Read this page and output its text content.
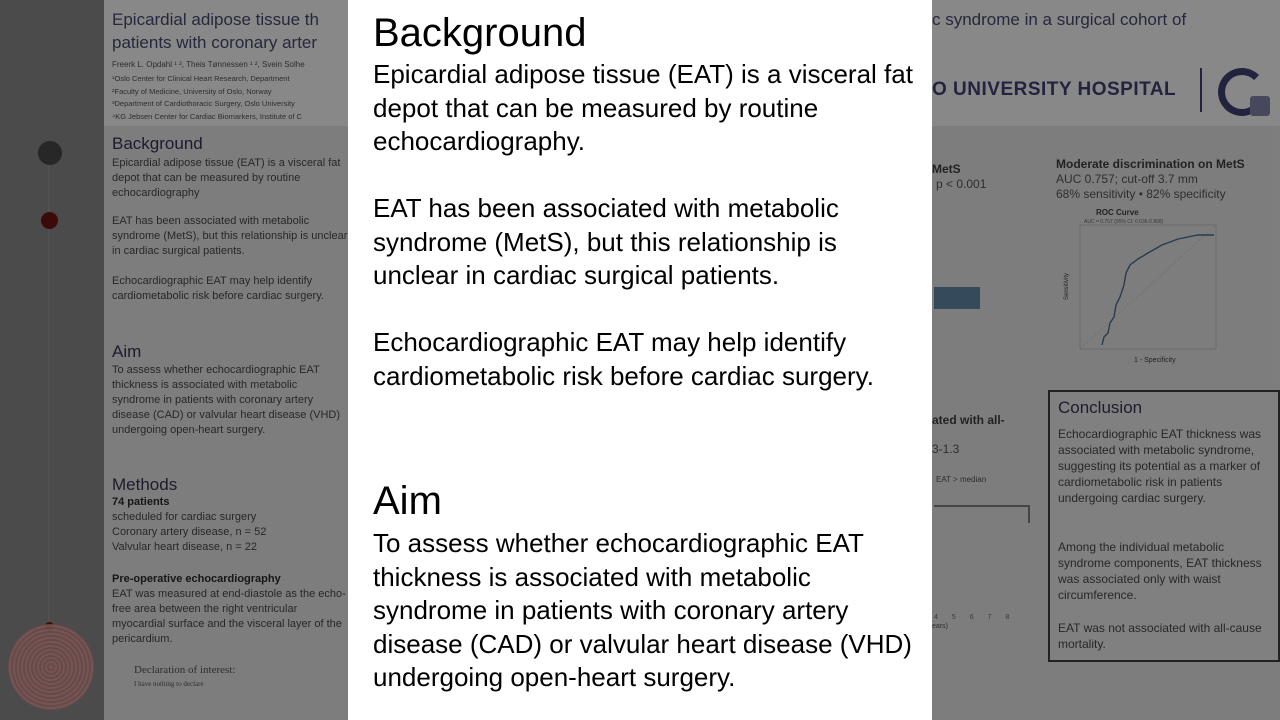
Epicardial adipose tissue th patients with coronary arter
c syndrome in a surgical cohort of
Freerk L. Opdahl ¹ ², Theis Tønnessen ¹ ², Svein Solhe
¹Oslo Center for Clinical Heart Research, Department
²Faculty of Medicine, University of Oslo, Norway
³Department of Cardiothoracic Surgery, Oslo University
⁴KG Jebsen Center for Cardiac Biomarkers, Institute of C
O UNIVERSITY HOSPITAL
Background
Epicardial adipose tissue (EAT) is a visceral fat depot that can be measured by routine echocardiography
EAT has been associated with metabolic syndrome (MetS), but this relationship is unclear in cardiac surgical patients.
Echocardiographic EAT may help identify cardiometabolic risk before cardiac surgery.
Aim
To assess whether echocardiographic EAT thickness is associated with metabolic syndrome in patients with coronary artery disease (CAD) or valvular heart disease (VHD) undergoing open-heart surgery.
Methods
74 patients
scheduled for cardiac surgery
Coronary artery disease, n = 52
Valvular heart disease, n = 22
Pre-operative echocardiography
EAT was measured at end-diastole as the echo-free area between the right ventricular myocardial surface and the visceral layer of the pericardium.
Declaration of interest:
I have nothing to declare
MetS
p < 0.001
ated with all-
3-1.3
EAT > median
ears)
4 5 6 7 8
Moderate discrimination on MetS
AUC 0.757; cut-off 3.7 mm
68% sensitivity • 82% specificity
ROC Curve
AUC = 0.757 (95% CI: 0.636-0.868)
1 - Specificity
Sensitivity
Conclusion
Echocardiographic EAT thickness was associated with metabolic syndrome, suggesting its potential as a marker of cardiometabolic risk in patients undergoing cardiac surgery.
Among the individual metabolic syndrome components, EAT thickness was associated only with waist circumference.
EAT was not associated with all-cause mortality.
Background
Epicardial adipose tissue (EAT) is a visceral fat depot that can be measured by routine echocardiography.
EAT has been associated with metabolic syndrome (MetS), but this relationship is unclear in cardiac surgical patients.
Echocardiographic EAT may help identify cardiometabolic risk before cardiac surgery.
Aim
To assess whether echocardiographic EAT thickness is associated with metabolic syndrome in patients with coronary artery disease (CAD) or valvular heart disease (VHD) undergoing open-heart surgery.
